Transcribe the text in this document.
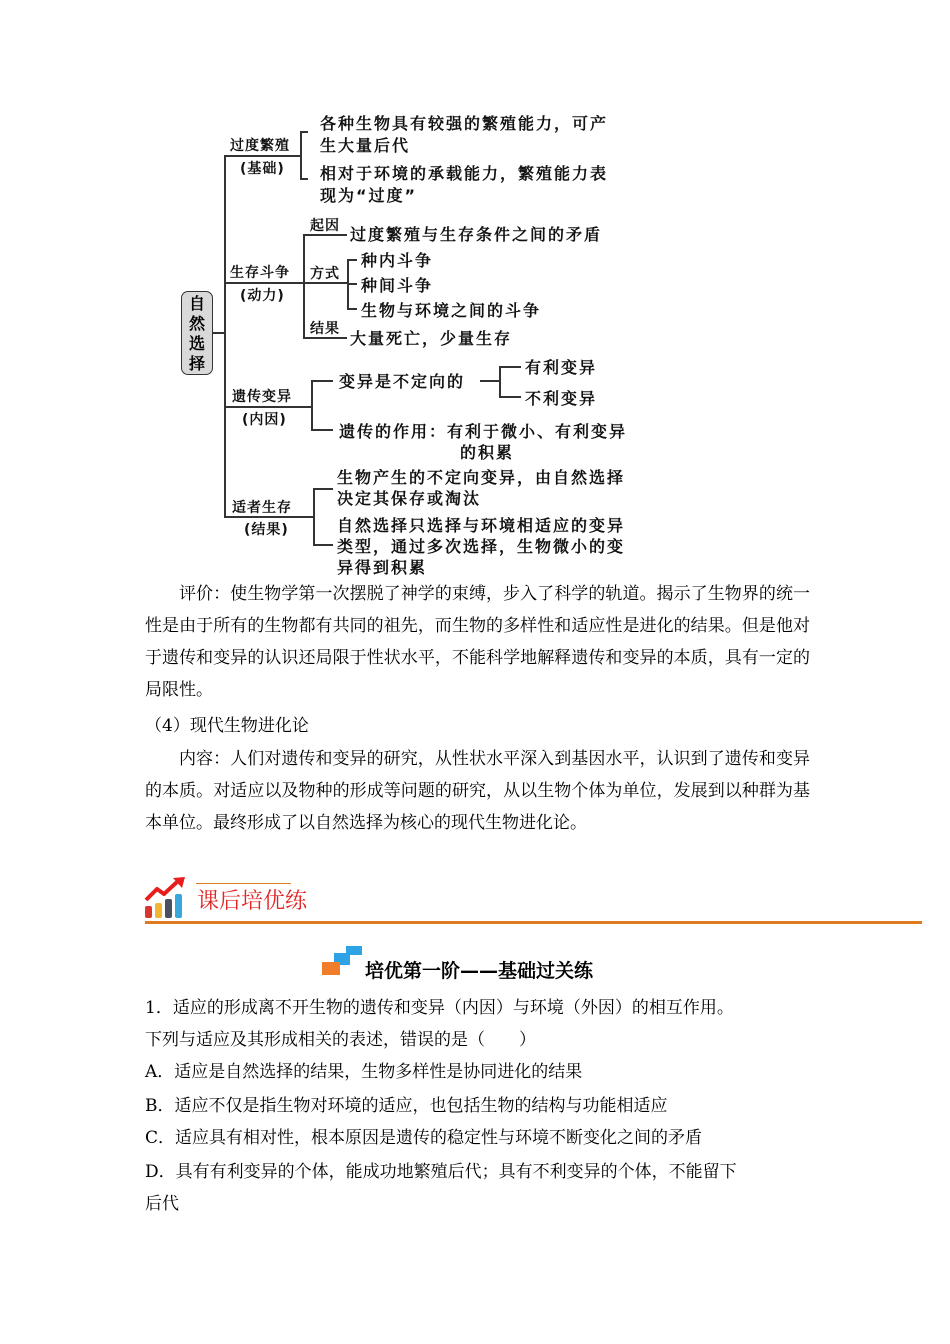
自
然
选
择
过度繁殖
(基础)
各种生物具有较强的繁殖能力，可产
生大量后代
相对于环境的承载能力，繁殖能力表
现为“过度”
生存斗争
(动力)
起因 过度繁殖与生存条件之间的矛盾
方式
种内斗争
种间斗争
生物与环境之间的斗争
结果 大量死亡，少量生存
遗传变异
(内因)
变异是不定向的
有利变异
不利变异
遗传的作用：有利于微小、有利变异
的积累
适者生存
(结果)
生物产生的不定向变异，由自然选择
决定其保存或淘汰
自然选择只选择与环境相适应的变异
类型，通过多次选择，生物微小的变
异得到积累
评价：使生物学第一次摆脱了神学的束缚，步入了科学的轨道。揭示了生物界的统一性是由于所有的生物都有共同的祖先，而生物的多样性和适应性是进化的结果。但是他对于遗传和变异的认识还局限于性状水平，不能科学地解释遗传和变异的本质，具有一定的局限性。
（4）现代生物进化论
内容：人们对遗传和变异的研究，从性状水平深入到基因水平，认识到了遗传和变异的本质。对适应以及物种的形成等问题的研究，从以生物个体为单位，发展到以种群为基本单位。最终形成了以自然选择为核心的现代生物进化论。
课后培优练
培优第一阶——基础过关练
1．适应的形成离不开生物的遗传和变异（内因）与环境（外因）的相互作用。
下列与适应及其形成相关的表述，错误的是（　　）
A．适应是自然选择的结果，生物多样性是协同进化的结果
B．适应不仅是指生物对环境的适应，也包括生物的结构与功能相适应
C．适应具有相对性，根本原因是遗传的稳定性与环境不断变化之间的矛盾
D．具有有利变异的个体，能成功地繁殖后代；具有不利变异的个体，不能留下
后代
